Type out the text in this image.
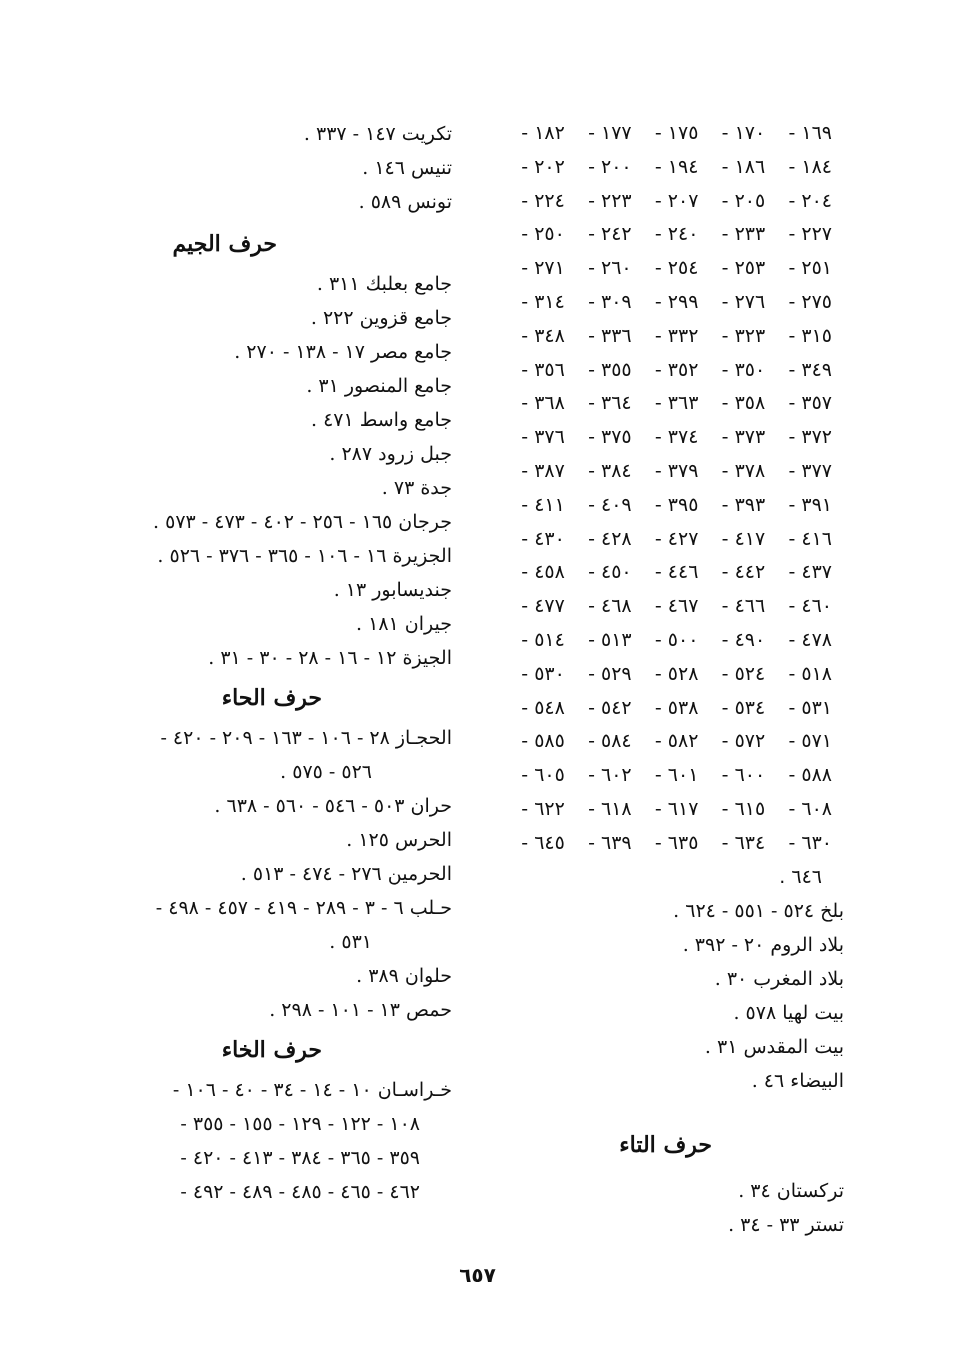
١٦٩ -
١٧٠ -
١٧٥ -
١٧٧ -
١٨٢ -
١٨٤ -
١٨٦ -
١٩٤ -
٢٠٠ -
٢٠٢ -
٢٠٤ -
٢٠٥ -
٢٠٧ -
٢٢٣ -
٢٢٤ -
٢٢٧ -
٢٣٣ -
٢٤٠ -
٢٤٢ -
٢٥٠ -
٢٥١ -
٢٥٣ -
٢٥٤ -
٢٦٠ -
٢٧١ -
٢٧٥ -
٢٧٦ -
٢٩٩ -
٣٠٩ -
٣١٤ -
٣١٥ -
٣٢٣ -
٣٣٢ -
٣٣٦ -
٣٤٨ -
٣٤٩ -
٣٥٠ -
٣٥٢ -
٣٥٥ -
٣٥٦ -
٣٥٧ -
٣٥٨ -
٣٦٣ -
٣٦٤ -
٣٦٨ -
٣٧٢ -
٣٧٣ -
٣٧٤ -
٣٧٥ -
٣٧٦ -
٣٧٧ -
٣٧٨ -
٣٧٩ -
٣٨٤ -
٣٨٧ -
٣٩١ -
٣٩٣ -
٣٩٥ -
٤٠٩ -
٤١١ -
٤١٦ -
٤١٧ -
٤٢٧ -
٤٢٨ -
٤٣٠ -
٤٣٧ -
٤٤٢ -
٤٤٦ -
٤٥٠ -
٤٥٨ -
٤٦٠ -
٤٦٦ -
٤٦٧ -
٤٦٨ -
٤٧٧ -
٤٧٨ -
٤٩٠ -
٥٠٠ -
٥١٣ -
٥١٤ -
٥١٨ -
٥٢٤ -
٥٢٨ -
٥٢٩ -
٥٣٠ -
٥٣١ -
٥٣٤ -
٥٣٨ -
٥٤٢ -
٥٤٨ -
٥٧١ -
٥٧٢ -
٥٨٢ -
٥٨٤ -
٥٨٥ -
٥٨٨ -
٦٠٠ -
٦٠١ -
٦٠٢ -
٦٠٥ -
٦٠٨ -
٦١٥ -
٦١٧ -
٦١٨ -
٦٢٢ -
٦٣٠ -
٦٣٤ -
٦٣٥ -
٦٣٩ -
٦٤٥ -
٦٤٦ .
بلخ ٥٢٤ - ٥٥١ - ٦٢٤ .
بلاد الروم ٢٠ - ٣٩٢ .
بلاد المغرب ٣٠ .
بيت لهيا ٥٧٨ .
بيت المقدس ٣١ .
البيضاء ٤٦ .
حرف التاء
تركستان ٣٤ .
تستر ٣٣ - ٣٤ .
تكريت ١٤٧ - ٣٣٧ .
تنيس ١٤٦ .
تونس ٥٨٩ .
حرف الجيم
جامع بعلبك ٣١١ .
جامع قزوين ٢٢٢ .
جامع مصر ١٧ - ١٣٨ - ٢٧٠ .
جامع المنصور ٣١ .
جامع واسط ٤٧١ .
جبل زرود ٢٨٧ .
جدة ٧٣ .
جرجان ١٦٥ - ٢٥٦ - ٤٠٢ - ٤٧٣ - ٥٧٣ .
الجزيرة ١٦ - ١٠٦ - ٣٦٥ - ٣٧٦ - ٥٢٦ .
جنديسابور ١٣ .
جيران ١٨١ .
الجيزة ١٢ - ١٦ - ٢٨ - ٣٠ - ٣١ .
حرف الحاء
الحجـاز ٢٨ - ١٠٦ - ١٦٣ - ٢٠٩ - ٤٢٠ -
٥٢٦ - ٥٧٥ .
حران ٥٠٣ - ٥٤٦ - ٥٦٠ - ٦٣٨ .
الحرس ١٢٥ .
الحرمين ٢٧٦ - ٤٧٤ - ٥١٣ .
حـلب ٦ - ٣ - ٢٨٩ - ٤١٩ - ٤٥٧ - ٤٩٨ -
٥٣١ .
حلوان ٣٨٩ .
حمص ١٣ - ١٠١ - ٢٩٨ .
حرف الخاء
خـراسـان ١٠ - ١٤ - ٣٤ - ٤٠ - ١٠٦ -
١٠٨ - ١٢٢ - ١٢٩ - ١٥٥ - ٣٥٥ -
٣٥٩ - ٣٦٥ - ٣٨٤ - ٤١٣ - ٤٢٠ -
٤٦٢ - ٤٦٥ - ٤٨٥ - ٤٨٩ - ٤٩٢ -
٦٥٧
